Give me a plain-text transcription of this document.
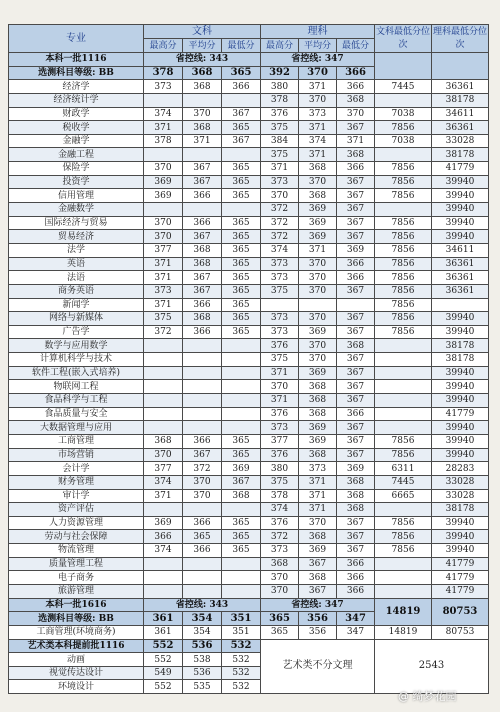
专业	文科			理科			文科最低分位次	理科最低分位次
	最高分	平均分	最低分	最高分	平均分	最低分		
本科一批1116	省控线: 343			省控线: 347				
选测科目等级: BB	378	368	365	392	370	366		
经济学	373	368	366	380	371	366	7445	36361
经济统计学				378	370	368		38178
财政学	374	370	367	376	373	370	7038	34611
税收学	371	368	365	375	371	367	7856	36361
金融学	378	371	367	384	374	371	7038	33028
金融工程				375	371	368		38178
保险学	370	367	365	371	368	366	7856	41779
投资学	369	367	365	373	370	367	7856	39940
信用管理	369	366	365	370	368	367	7856	39940
金融数学				372	369	367		39940
国际经济与贸易	370	366	365	372	369	367	7856	39940
贸易经济	370	367	365	372	369	367	7856	39940
法学	377	368	365	374	371	369	7856	34611
英语	371	368	365	373	370	366	7856	36361
法语	371	367	365	373	370	366	7856	36361
商务英语	373	367	365	375	370	367	7856	36361
新闻学	371	366	365				7856	
网络与新媒体	375	368	365	373	370	367	7856	39940
广告学	372	366	365	373	369	367	7856	39940
数学与应用数学				376	370	368		38178
计算机科学与技术				375	370	367		38178
软件工程(嵌入式培养)				371	369	367		39940
物联网工程				370	368	367		39940
食品科学与工程				371	368	367		39940
食品质量与安全				376	368	366		41779
大数据管理与应用				373	369	367		39940
工商管理	368	366	365	377	369	367	7856	39940
市场营销	370	367	365	376	368	367	7856	39940
会计学	377	372	369	380	373	369	6311	28283
财务管理	374	370	367	375	371	368	7445	33028
审计学	371	370	368	378	371	368	6665	33028
资产评估				374	371	368		38178
人力资源管理	369	366	365	376	370	367	7856	39940
劳动与社会保障	366	365	365	372	368	367	7856	39940
物流管理	374	366	365	373	369	367	7856	39940
质量管理工程				368	367	366		41779
电子商务				370	368	366		41779
旅游管理				370	367	366		41779
本科一批1616	省控线: 343			省控线: 347			14819	80753
选测科目等级: BB	361	354	351	365	356	347		
工商管理(环境商务)	361	354	351	365	356	347	14819	80753
艺术类本科提前批1116	552	536	532	艺术类不分文理			2543	
动画	552	538	532					
视觉传达设计	549	536	532					
环境设计	552	535	532					
@ 绮梦花园
